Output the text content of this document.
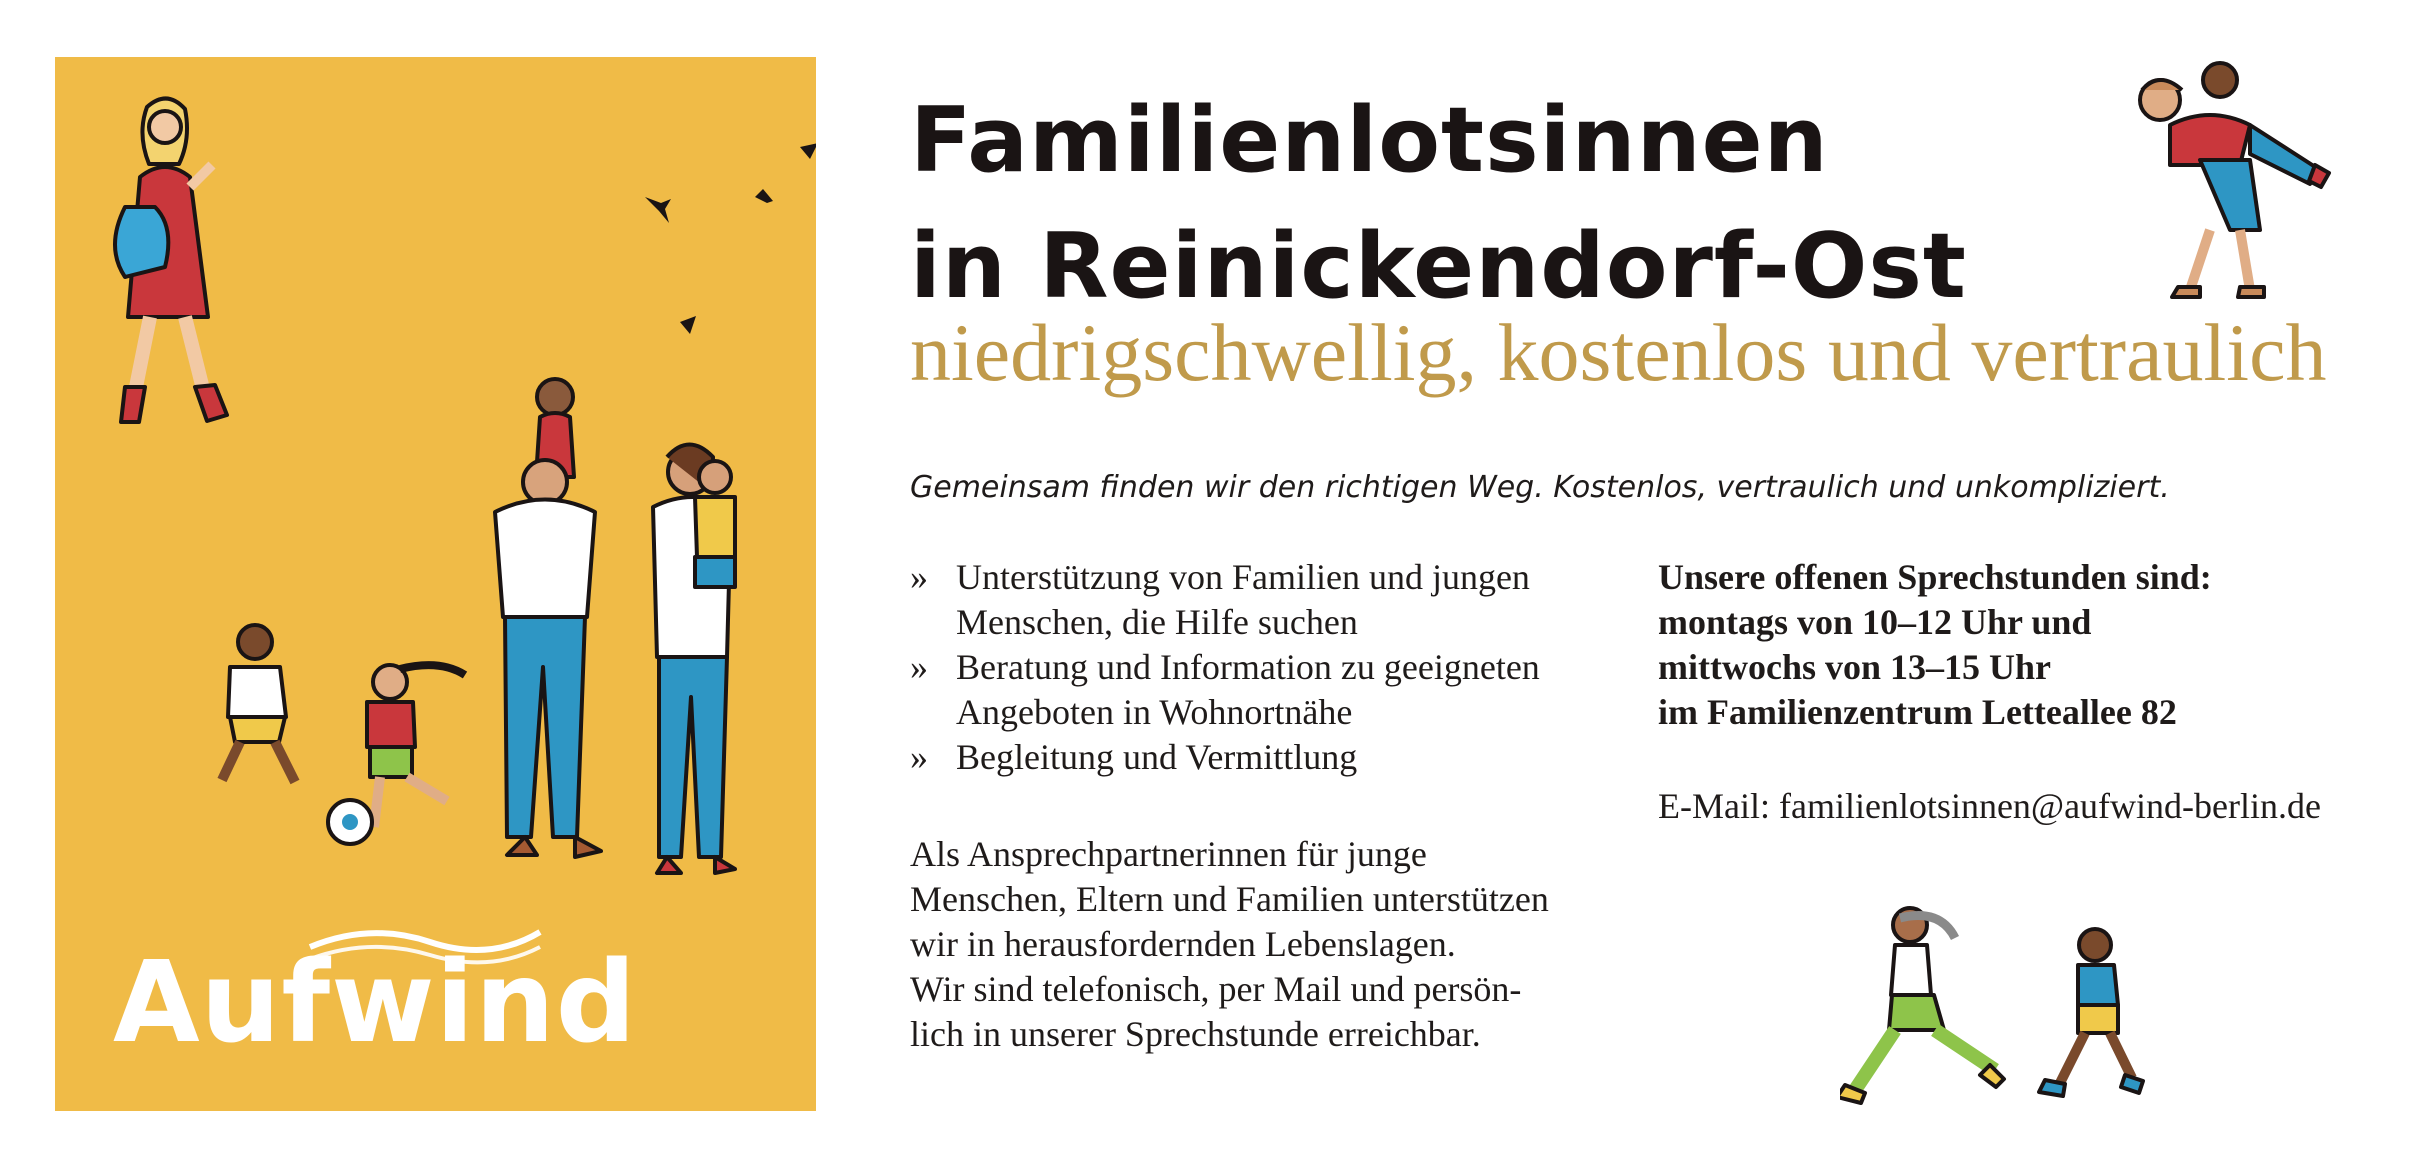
Aufwind
Familienlotsinnen
in Reinickendorf-Ost
niedrigschwellig, kostenlos und vertraulich
Gemeinsam finden wir den richtigen Weg. Kostenlos, vertraulich und unkompliziert.
» Unterstützung von Familien und jungen Menschen, die Hilfe suchen
» Beratung und Information zu geeigneten Angeboten in Wohnortnähe
» Begleitung und Vermittlung
Als Ansprechpartnerinnen für junge
Menschen, Eltern und Familien unterstützen
wir in herausfordernden Lebenslagen.
Wir sind telefonisch, per Mail und persön-
lich in unserer Sprechstunde erreichbar.
Unsere offenen Sprechstunden sind:
montags von 10–12 Uhr und
mittwochs von 13–15 Uhr
im Familienzentrum Letteallee 82
E-Mail: familienlotsinnen@aufwind-berlin.de
